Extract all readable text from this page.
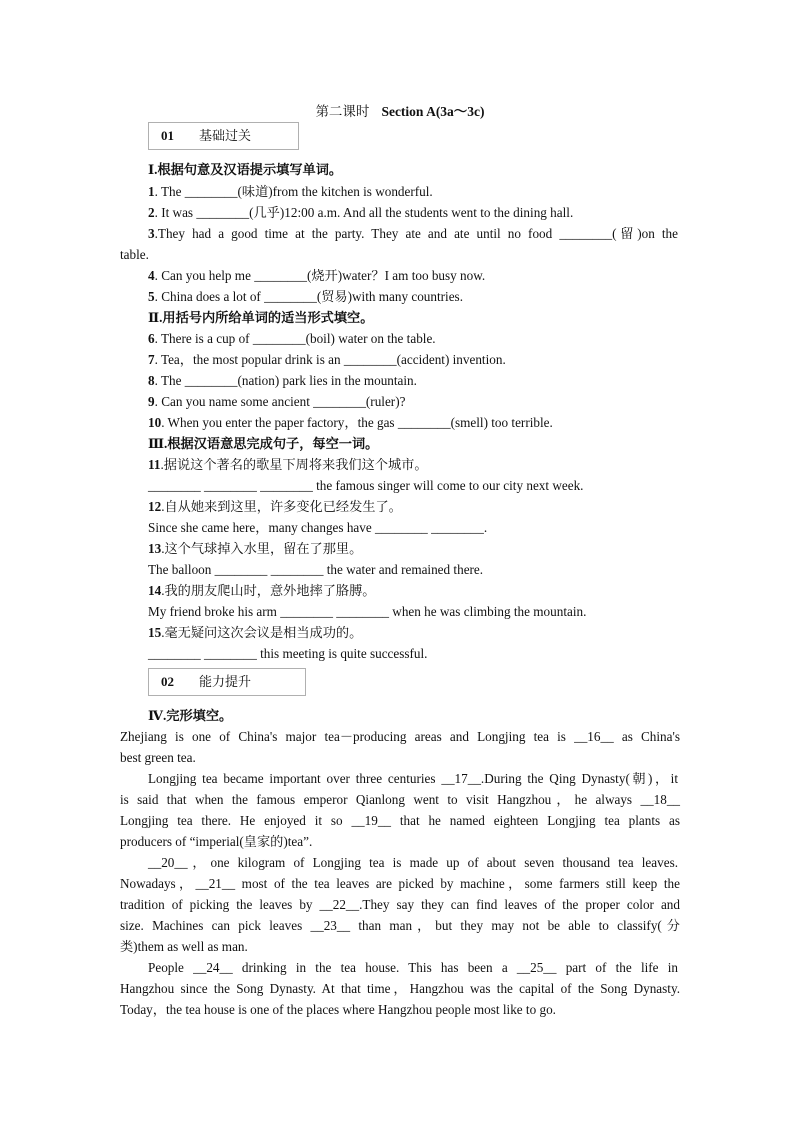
第二课时 Section A(3a～3c)
01 基础过关
Ⅰ.根据句意及汉语提示填写单词。
1. The ________(味道)from the kitchen is wonderful.
2. It was ________(几乎)12:00 a.m. And all the students went to the dining hall.
3.They had a good time at the party. They ate and ate until no food ________(留)on the
table.
4. Can you help me ________(烧开)water？I am too busy now.
5. China does a lot of ________(贸易)with many countries.
Ⅱ.用括号内所给单词的适当形式填空。
6. There is a cup of ________(boil) water on the table.
7. Tea，the most popular drink is an ________(accident) invention.
8. The ________(nation) park lies in the mountain.
9. Can you name some ancient ________(ruler)?
10. When you enter the paper factory，the gas ________(smell) too terrible.
Ⅲ.根据汉语意思完成句子，每空一词。
11.据说这个著名的歌星下周将来我们这个城市。
________ ________ ________ the famous singer will come to our city next week.
12.自从她来到这里，许多变化已经发生了。
Since she came here，many changes have ________ ________.
13.这个气球掉入水里，留在了那里。
The balloon ________ ________ the water and remained there.
14.我的朋友爬山时，意外地摔了胳膊。
My friend broke his arm ________ ________ when he was climbing the mountain.
15.毫无疑问这次会议是相当成功的。
________ ________ this meeting is quite successful.
02 能力提升
Ⅳ.完形填空。
Zhejiang is one of China's major tea－producing areas and Longjing tea is __16__ as China's
best green tea.
Longjing tea became important over three centuries __17__.During the Qing Dynasty(朝)，it
is said that when the famous emperor Qianlong went to visit Hangzhou，he always __18__
Longjing tea there. He enjoyed it so __19__ that he named eighteen Longjing tea plants as
producers of “imperial(皇家的)tea”.
__20__，one kilogram of Longjing tea is made up of about seven thousand tea leaves.
Nowadays，__21__ most of the tea leaves are picked by machine，some farmers still keep the
tradition of picking the leaves by __22__.They say they can find leaves of the proper color and
size. Machines can pick leaves __23__ than man，but they may not be able to classify(分
类)them as well as man.
People __24__ drinking in the tea house. This has been a __25__ part of the life in
Hangzhou since the Song Dynasty. At that time，Hangzhou was the capital of the Song Dynasty.
Today，the tea house is one of the places where Hangzhou people most like to go.
